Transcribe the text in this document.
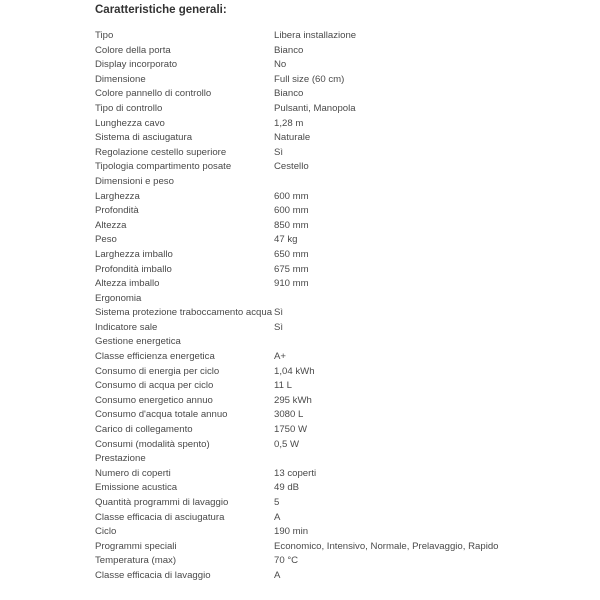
Caratteristiche generali:
Tipo	Libera installazione
Colore della porta	Bianco
Display incorporato	No
Dimensione	Full size (60 cm)
Colore pannello di controllo	Bianco
Tipo di controllo	Pulsanti, Manopola
Lunghezza cavo	1,28 m
Sistema di asciugatura	Naturale
Regolazione cestello superiore	Sì
Tipologia compartimento posate	Cestello
Dimensioni e peso
Larghezza	600 mm
Profondità	600 mm
Altezza	850 mm
Peso	47 kg
Larghezza imballo	650 mm
Profondità imballo	675 mm
Altezza imballo	910 mm
Ergonomia
Sistema protezione traboccamento acqua Sì
Indicatore sale	Sì
Gestione energetica
Classe efficienza energetica	A+
Consumo di energia per ciclo	1,04 kWh
Consumo di acqua per ciclo	11 L
Consumo energetico annuo	295 kWh
Consumo d'acqua totale annuo	3080 L
Carico di collegamento	1750 W
Consumi (modalità spento)	0,5 W
Prestazione
Numero di coperti	13 coperti
Emissione acustica	49 dB
Quantità programmi di lavaggio	5
Classe efficacia di asciugatura	A
Ciclo	190 min
Programmi speciali	Economico, Intensivo, Normale, Prelavaggio, Rapido
Temperatura (max)	70 °C
Classe efficacia di lavaggio	A
